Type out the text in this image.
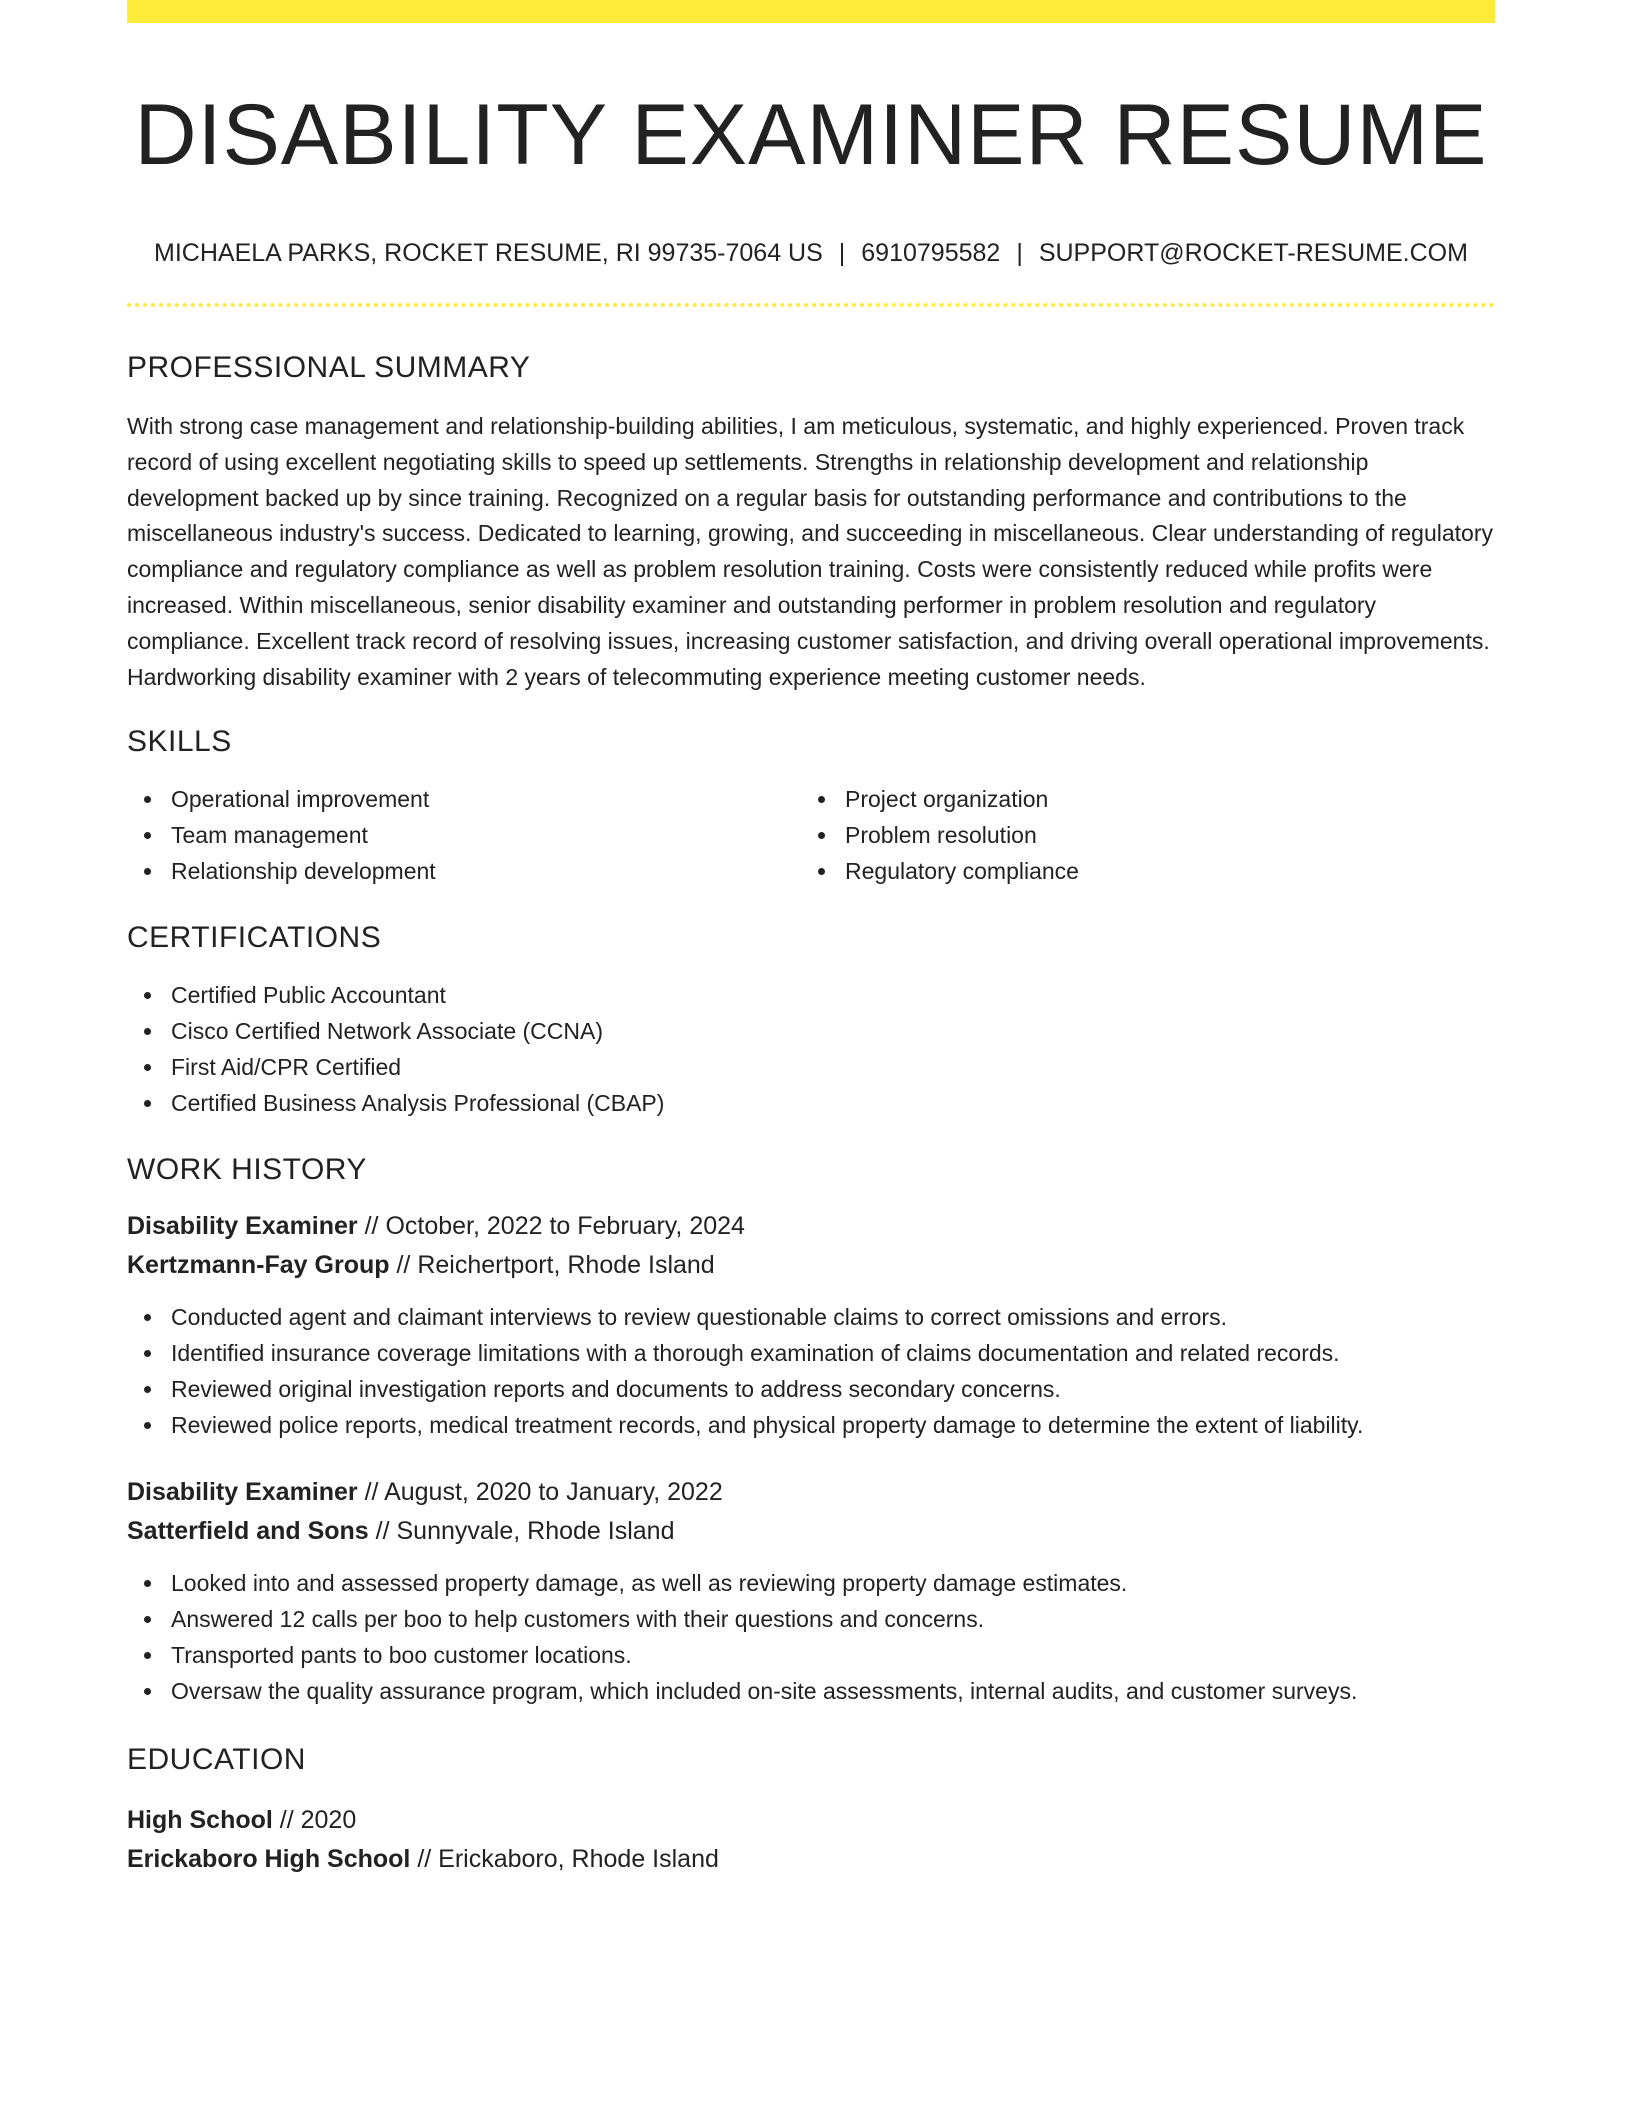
DISABILITY EXAMINER RESUME
MICHAELA PARKS, ROCKET RESUME, RI 99735-7064 US | 6910795582 | SUPPORT@ROCKET-RESUME.COM
PROFESSIONAL SUMMARY
With strong case management and relationship-building abilities, I am meticulous, systematic, and highly experienced. Proven track record of using excellent negotiating skills to speed up settlements. Strengths in relationship development and relationship development backed up by since training. Recognized on a regular basis for outstanding performance and contributions to the miscellaneous industry's success. Dedicated to learning, growing, and succeeding in miscellaneous. Clear understanding of regulatory compliance and regulatory compliance as well as problem resolution training. Costs were consistently reduced while profits were increased. Within miscellaneous, senior disability examiner and outstanding performer in problem resolution and regulatory compliance. Excellent track record of resolving issues, increasing customer satisfaction, and driving overall operational improvements. Hardworking disability examiner with 2 years of telecommuting experience meeting customer needs.
SKILLS
Operational improvement
Team management
Relationship development
Project organization
Problem resolution
Regulatory compliance
CERTIFICATIONS
Certified Public Accountant
Cisco Certified Network Associate (CCNA)
First Aid/CPR Certified
Certified Business Analysis Professional (CBAP)
WORK HISTORY
Disability Examiner // October, 2022 to February, 2024
Kertzmann-Fay Group // Reichertport, Rhode Island
Conducted agent and claimant interviews to review questionable claims to correct omissions and errors.
Identified insurance coverage limitations with a thorough examination of claims documentation and related records.
Reviewed original investigation reports and documents to address secondary concerns.
Reviewed police reports, medical treatment records, and physical property damage to determine the extent of liability.
Disability Examiner // August, 2020 to January, 2022
Satterfield and Sons // Sunnyvale, Rhode Island
Looked into and assessed property damage, as well as reviewing property damage estimates.
Answered 12 calls per boo to help customers with their questions and concerns.
Transported pants to boo customer locations.
Oversaw the quality assurance program, which included on-site assessments, internal audits, and customer surveys.
EDUCATION
High School // 2020
Erickaboro High School // Erickaboro, Rhode Island
